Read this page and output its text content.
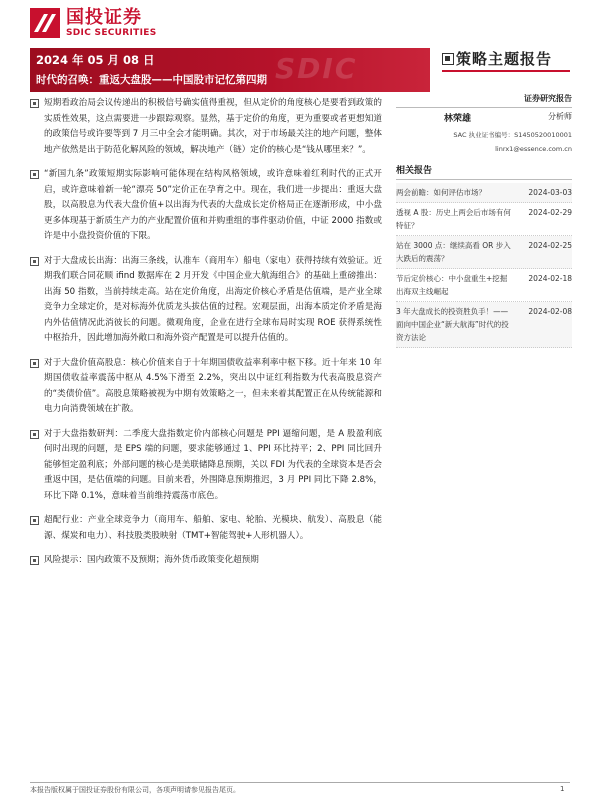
国投证券
SDIC SECURITIES
SDIC
2024 年 05 月 08 日
时代的召唤：重返大盘股——中国股市记忆第四期
策略主题报告
短期看政治局会议传递出的积极信号确实值得重视，但从定价的角度核心是要看到政策的实质性效果，这点需要进一步跟踪观察。显然，基于定价的角度，更为重要或者更想知道的政策信号或许要等到 7 月三中全会才能明确。其次，对于市场最关注的地产问题，整体地产依然是出于防范化解风险的领域，解决地产（链）定价的核心是“钱从哪里来？”。
“新国九条”政策短期实际影响可能体现在结构风格领域，或许意味着红利时代的正式开启，或许意味着新一轮“漂亮 50”定价正在孕育之中。现在，我们进一步提出：重返大盘股，以高股息为代表大盘价值+以出海为代表的大盘成长定价格局正在逐渐形成，中小盘更多体现基于新质生产力的产业配置价值和并购重组的事件驱动价值，中证 2000 指数或许是中小盘投资价值的下限。
对于大盘成长出海：出海三条线，认准车（商用车）船电（家电）获得持续有效验证。近期我们联合同花顺 ifind 数据库在 2 月开发《中国企业大航海组合》的基础上重磅推出：出海 50 指数，当前持续走高。站在定价角度，出海定价核心矛盾是估值端，是产业全球竞争力全球定价，是对标海外优质龙头拔估值的过程。宏观层面，出海本质定价矛盾是海内外估值情况此消彼长的问题。微观角度，企业在进行全球布局时实现 ROE 获得系统性中枢抬升，因此增加海外敞口和海外资产配置是可以提升估值的。
对于大盘价值高股息：核心价值来自于十年期国债收益率利率中枢下移。近十年来 10 年期国债收益率震荡中枢从 4.5%下滑至 2.2%，突出以中证红利指数为代表高股息资产的“类债价值”。高股息策略被视为中期有效策略之一，但未来着其配置正在从传统能源和电力向消费领域在扩散。
对于大盘指数研判：二季度大盘指数定价内部核心问题是 PPI 逼缩问题，是 A 股盈利底何时出现的问题，是 EPS 端的问题，要求能够通过 1、PPI 环比持平；2、PPI 同比回升能够恒定盈利底；外部问题的核心是美联储降息预期，关以 FDI 为代表的全球资本是否会重返中国，是估值端的问题。目前来看，外围降息预期推迟，3 月 PPI 同比下降 2.8%，环比下降 0.1%，意味着当前维持震荡市底色。
超配行业：产业全球竞争力（商用车、船舶、家电、轮胎、光模块、航发）、高股息（能源、煤炭和电力）、科技股类股映射（TMT+智能驾驶+人形机器人）。
风险提示：国内政策不及预期；海外货币政策变化超预期
证券研究报告
林荣雄	分析师
SAC 执业证书编号：S1450520010001
linrx1@essence.com.cn
相关报告
两会前瞻：如何评估市场？	2024-03-03
透视 A 股：历史上两会后市场有何特征？
2024-02-29
站在 3000 点：继续高看 OR 步入大跌后的震荡？
2024-02-25
节后定价核心：中小盘重生+挖掘出海双主线崛起
2024-02-18
3 年大盘成长的投资胜负手！——面向中国企业“新大航海”时代的投资方法论
2024-02-08
本报告版权属于国投证券股份有限公司，各项声明请参见报告尾页。	1
